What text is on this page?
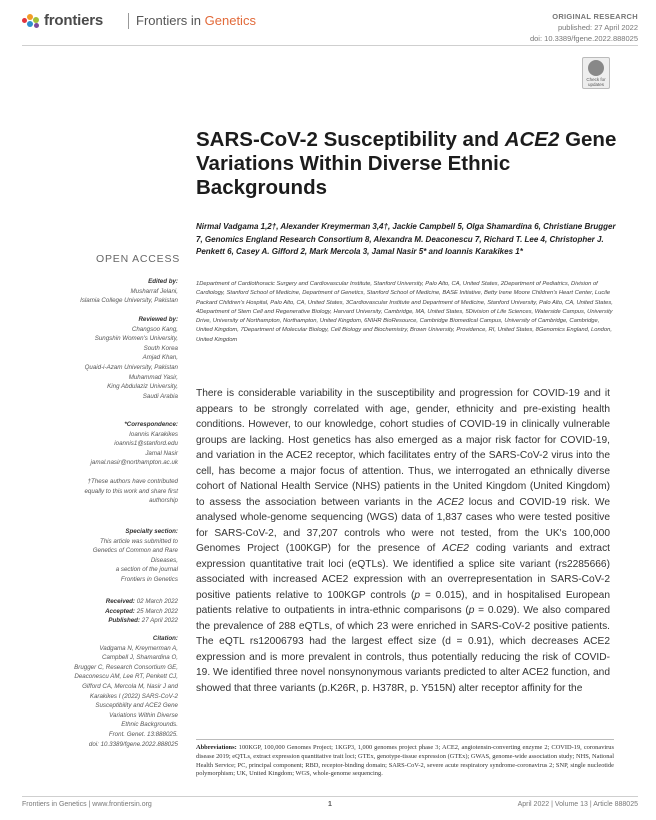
frontiers	Frontiers in Genetics	ORIGINAL RESEARCH
published: 27 April 2022
doi: 10.3389/fgene.2022.888025
Check for updates
SARS-CoV-2 Susceptibility and ACE2 Gene Variations Within Diverse Ethnic Backgrounds
Nirmal Vadgama 1,2†, Alexander Kreymerman 3,4†, Jackie Campbell 5, Olga Shamardina 6, Christiane Brugger 7, Genomics England Research Consortium 8, Alexandra M. Deaconescu 7, Richard T. Lee 4, Christopher J. Penkett 6, Casey A. Gifford 2, Mark Mercola 3, Jamal Nasir 5* and Ioannis Karakikes 1*
1Department of Cardiothoracic Surgery and Cardiovascular Institute, Stanford University, Palo Alto, CA, United States, 2Department of Pediatrics, Division of Cardiology, Stanford School of Medicine, Department of Genetics, Stanford School of Medicine, BASE Initiative, Betty Irene Moore Children's Heart Center, Lucile Packard Children's Hospital, Palo Alto, CA, United States, 3Cardiovascular Institute and Department of Medicine, Stanford University, Palo Alto, CA, United States, 4Department of Stem Cell and Regenerative Biology, Harvard University, Cambridge, MA, United States, 5Division of Life Sciences, Waterside Campus, University Drive, University of Northampton, Northampton, United Kingdom, 6NIHR BioResource, Cambridge Biomedical Campus, University of Cambridge, Cambridge, United Kingdom, 7Department of Molecular Biology, Cell Biology and Biochemistry, Brown University, Providence, RI, United States, 8Genomics England, London, United Kingdom
OPEN ACCESS
Edited by:
Musharraf Jelani,
Islamia College University, Pakistan
Reviewed by:
Changsoo Kang,
Sungshin Women's University,
South Korea
Amjad Khan,
Quaid-i-Azam University, Pakistan
Muhammad Yasir,
King Abdulaziz University,
Saudi Arabia
*Correspondence:
Ioannis Karakikes
ioannis1@stanford.edu
Jamal Nasir
jamal.nasir@northampton.ac.uk
†These authors have contributed
equally to this work and share first
authorship
Specialty section:
This article was submitted to
Genetics of Common and Rare
Diseases,
a section of the journal
Frontiers in Genetics
Received: 02 March 2022
Accepted: 25 March 2022
Published: 27 April 2022
Citation:
Vadgama N, Kreymerman A,
Campbell J, Shamardina O,
Brugger C, Research Consortium GE,
Deaconescu AM, Lee RT, Penkett CJ,
Gifford CA, Mercola M, Nasir J and
Karakikes I (2022) SARS-CoV-2
Susceptibility and ACE2 Gene
Variations Within Diverse
Ethnic Backgrounds.
Front. Genet. 13:888025.
doi: 10.3389/fgene.2022.888025
There is considerable variability in the susceptibility and progression for COVID-19 and it appears to be strongly correlated with age, gender, ethnicity and pre-existing health conditions. However, to our knowledge, cohort studies of COVID-19 in clinically vulnerable groups are lacking. Host genetics has also emerged as a major risk factor for COVID-19, and variation in the ACE2 receptor, which facilitates entry of the SARS-CoV-2 virus into the cell, has become a major focus of attention. Thus, we interrogated an ethnically diverse cohort of National Health Service (NHS) patients in the United Kingdom (United Kingdom) to assess the association between variants in the ACE2 locus and COVID-19 risk. We analysed whole-genome sequencing (WGS) data of 1,837 cases who were tested positive for SARS-CoV-2, and 37,207 controls who were not tested, from the UK's 100,000 Genomes Project (100KGP) for the presence of ACE2 coding variants and extract expression quantitative trait loci (eQTLs). We identified a splice site variant (rs2285666) associated with increased ACE2 expression with an overrepresentation in SARS-CoV-2 positive patients relative to 100KGP controls (p = 0.015), and in hospitalised European patients relative to outpatients in intra-ethnic comparisons (p = 0.029). We also compared the prevalence of 288 eQTLs, of which 23 were enriched in SARS-CoV-2 positive patients. The eQTL rs12006793 had the largest effect size (d = 0.91), which decreases ACE2 expression and is more prevalent in controls, thus potentially reducing the risk of COVID-19. We identified three novel nonsynonymous variants predicted to alter ACE2 function, and showed that three variants (p.K26R, p. H378R, p. Y515N) alter receptor affinity for the
Abbreviations: 100KGP, 100,000 Genomes Project; 1KGP3, 1,000 genomes project phase 3; ACE2, angiotensin-converting enzyme 2; COVID-19, coronavirus disease 2019; eQTLs, extract expression quantitative trait loci; GTEx, genotype-tissue expression (GTEx); GWAS, genome-wide association study; NHS, National Health Service; PC, principal component; RBD, receptor-binding domain; SARS-CoV-2, severe acute respiratory syndrome-coronavirus 2; SNP, single nucleotide polymorphism; UK, United Kingdom; WGS, whole-genome sequencing.
Frontiers in Genetics | www.frontiersin.org	1	April 2022 | Volume 13 | Article 888025
